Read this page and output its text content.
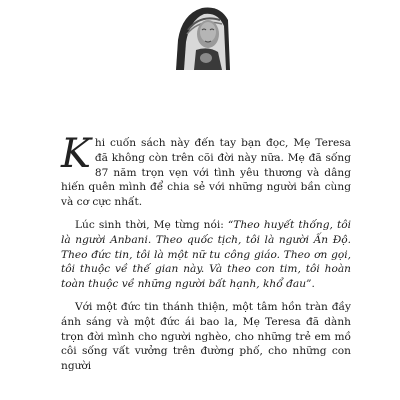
Khi cuốn sách này đến tay bạn đọc, Mẹ Teresa đã không còn trên cõi đời này nữa. Mẹ đã sống 87 năm trọn vẹn với tình yêu thương và dâng hiến quên mình để chia sẻ với những người bần cùng và cơ cực nhất.

Lúc sinh thời, Mẹ từng nói: “Theo huyết thống, tôi là người Anbani. Theo quốc tịch, tôi là người Ấn Độ. Theo đức tin, tôi là một nữ tu công giáo. Theo ơn gọi, tôi thuộc về thế gian này. Và theo con tim, tôi hoàn toàn thuộc về những người bất hạnh, khổ đau”.

Với một đức tin thánh thiện, một tâm hồn tràn đầy ánh sáng và một đức ái bao la, Mẹ Teresa đã dành trọn đời mình cho người nghèo, cho những trẻ em mồ côi sống vất vưởng trên đường phố, cho những con người
